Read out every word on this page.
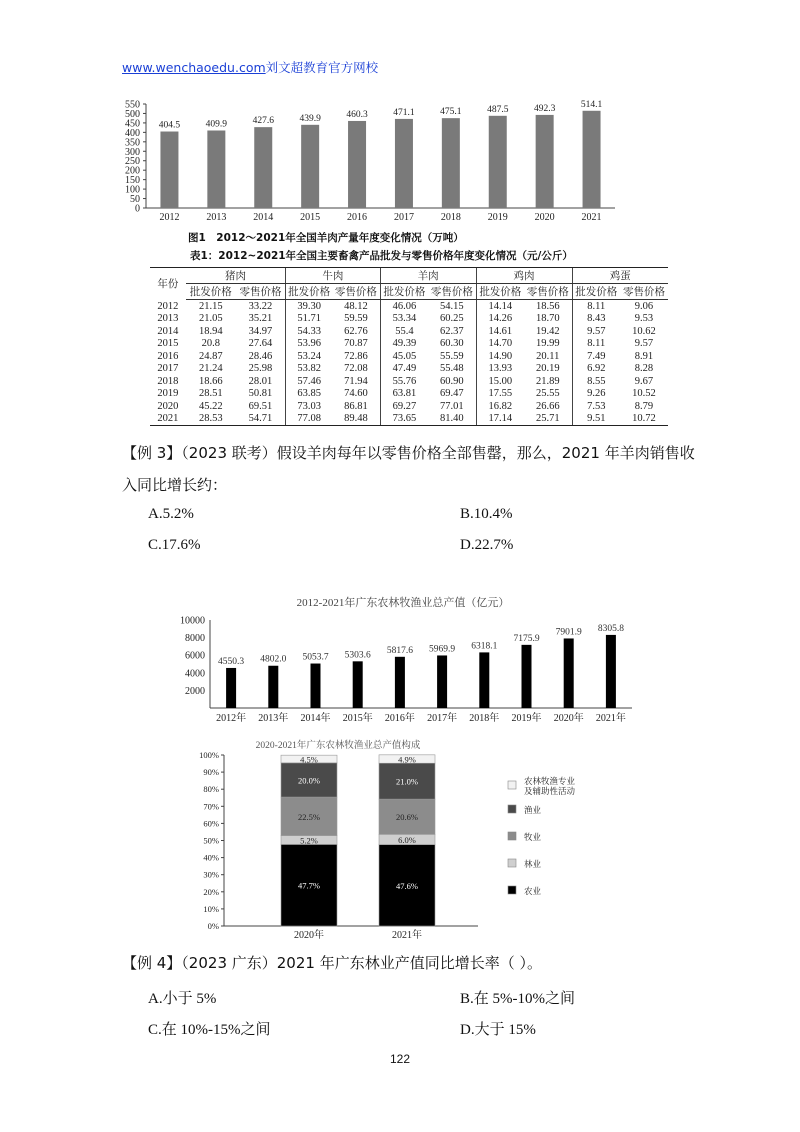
www.wenchaoedu.com刘文超教育官方网校
0
50
100
150
200
250
300
350
400
450
500
550
404.5
2012
409.9
2013
427.6
2014
439.9
2015
460.3
2016
471.1
2017
475.1
2018
487.5
2019
492.3
2020
514.1
2021
图1　2012～2021年全国羊肉产量年度变化情况（万吨）
表1：2012~2021年全国主要畜禽产品批发与零售价格年度变化情况（元/公斤）
年份	猪肉		牛肉		羊肉		鸡肉		鸡蛋	
	批发价格	零售价格	批发价格	零售价格	批发价格	零售价格	批发价格	零售价格	批发价格	零售价格
2012	21.15	33.22	39.30	48.12	46.06	54.15	14.14	18.56	8.11	9.06
2013	21.05	35.21	51.71	59.59	53.34	60.25	14.26	18.70	8.43	9.53
2014	18.94	34.97	54.33	62.76	55.4	62.37	14.61	19.42	9.57	10.62
2015	20.8	27.64	53.96	70.87	49.39	60.30	14.70	19.99	8.11	9.57
2016	24.87	28.46	53.24	72.86	45.05	55.59	14.90	20.11	7.49	8.91
2017	21.24	25.98	53.82	72.08	47.49	55.48	13.93	20.19	6.92	8.28
2018	18.66	28.01	57.46	71.94	55.76	60.90	15.00	21.89	8.55	9.67
2019	28.51	50.81	63.85	74.60	63.81	69.47	17.55	25.55	9.26	10.52
2020	45.22	69.51	73.03	86.81	69.27	77.01	16.82	26.66	7.53	8.79
2021	28.53	54.71	77.08	89.48	73.65	81.40	17.14	25.71	9.51	10.72
【例 3】（2023 联考）假设羊肉每年以零售价格全部售罄，那么，2021 年羊肉销售收
入同比增长约：
A.5.2%	B.10.4%
C.17.6%	D.22.7%
2012-2021年广东农林牧渔业总产值（亿元）
2000
4000
6000
8000
10000
4550.3
2012年
4802.0
2013年
5053.7
2014年
5303.6
2015年
5817.6
2016年
5969.9
2017年
6318.1
2018年
7175.9
2019年
7901.9
2020年
8305.8
2021年
2020-2021年广东农林牧渔业总产值构成
0%
10%
20%
30%
40%
50%
60%
70%
80%
90%
100%
47.7%
5.2%
22.5%
20.0%
4.5%
2020年
47.6%
6.0%
20.6%
21.0%
4.9%
2021年
农林牧渔专业及辅助性活动
渔业
牧业
林业
农业
【例 4】（2023 广东）2021 年广东林业产值同比增长率（ ）。
A.小于 5%	B.在 5%-10%之间
C.在 10%-15%之间	D.大于 15%
122
